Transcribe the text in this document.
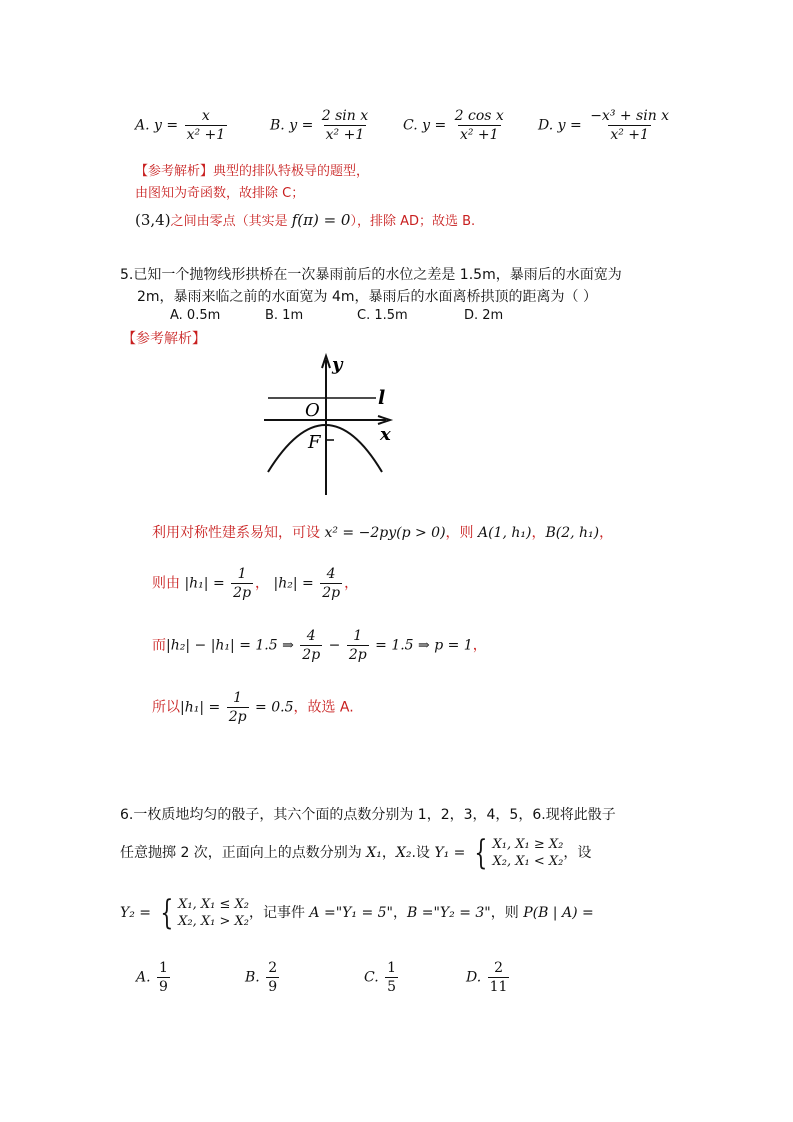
A. $y = \frac{x}{\text{x² +1}}$	B. $y = \frac{\text{2 sin x}}{\text{x² +1}} C$. $y = \frac{\text{2 cos x}}{\text{x² +1}} D$. $y = \frac{\text{−x³ + sin x}}{\text{x² +1}}$
【参考解析】典型的排队特极导的题型，
由图知为奇函数，故排除 C；
(3,4)之间由零点（其实是 f(π) = 0），排除 AD；故选 B.
5.已知一个抛物线形拱桥在一次暴雨前后的水位之差是 1.5m，暴雨后的水面宽为
2m，暴雨来临之前的水面宽为 4m，暴雨后的水面离桥拱顶的距离为（ ）
A. 0.5m	B. 1m	C. 1.5m	D. 2m
【参考解析】
y
l
O
x
F
利用对称性建系易知，可设 x² = −2py(p > 0)，则 A(1, h₁)，B(2, h₁)，
则由 $|h_1| = \frac{1}{2p}$ ， $|h_2| = \frac{4}{2p}$ ，
而|h₂| − |h₁| = 1.5 ⇒ $\frac{4}{2p} - \frac{1}{2p} = 1.5$ ⇒ p = 1，
所以$|h_1| = \frac{1}{2p} = 0.5$，故选 A.
6.一枚质地均匀的骰子，其六个面的点数分别为 1，2，3，4，5，6.现将此骰子
任意抛掷 2 次，正面向上的点数分别为 X₁，X₂.设 Y₁ = { X₁, X₁ ≥ X₂
X₂, X₁ < X₂
，设
Y₂ = { X₁, X₁ ≤ X₂
X₂, X₁ > X₂
，记事件 A ="Y₁ = 5"，B ="Y₂ = 3"，则 P(B | A) =
A. $\frac{1}{9}$	B. $\frac{2}{9}$	C. $\frac{1}{5}$	D. $\frac{2}{11}$
